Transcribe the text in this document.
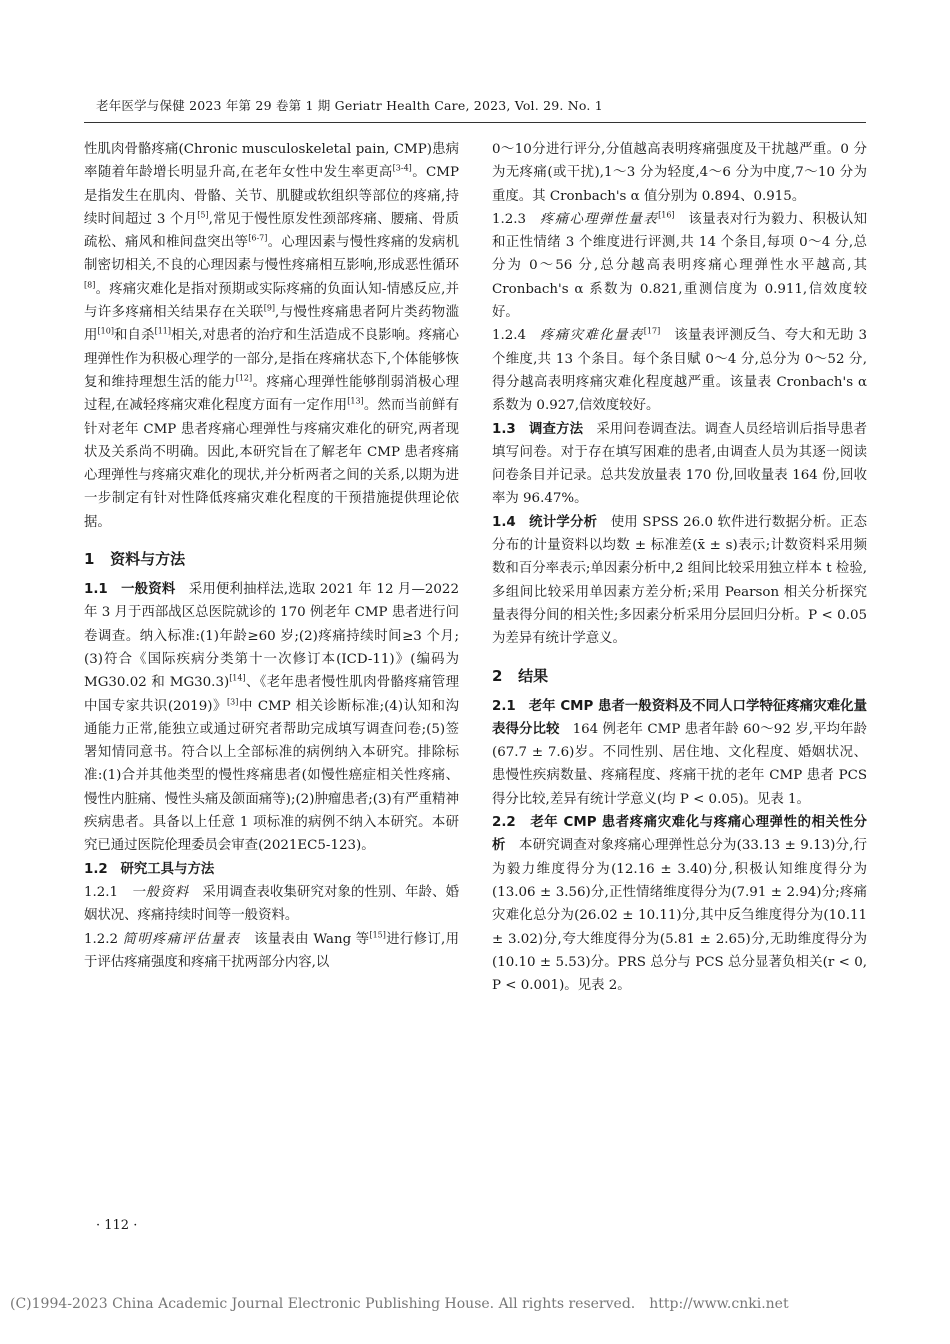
老年医学与保健 2023 年第 29 卷第 1 期 Geriatr Health Care, 2023, Vol. 29. No. 1

性肌肉骨骼疼痛(Chronic musculoskeletal pain, CMP)患病率随着年龄增长明显升高,在老年女性中发生率更高[3-4]。CMP 是指发生在肌肉、骨骼、关节、肌腱或软组织等部位的疼痛,持续时间超过 3 个月[5],常见于慢性原发性颈部疼痛、腰痛、骨质疏松、痛风和椎间盘突出等[6-7]。心理因素与慢性疼痛的发病机制密切相关,不良的心理因素与慢性疼痛相互影响,形成恶性循环[8]。疼痛灾难化是指对预期或实际疼痛的负面认知-情感反应,并与许多疼痛相关结果存在关联[9],与慢性疼痛患者阿片类药物滥用[10]和自杀[11]相关,对患者的治疗和生活造成不良影响。疼痛心理弹性作为积极心理学的一部分,是指在疼痛状态下,个体能够恢复和维持理想生活的能力[12]。疼痛心理弹性能够削弱消极心理过程,在减轻疼痛灾难化程度方面有一定作用[13]。然而当前鲜有针对老年 CMP 患者疼痛心理弹性与疼痛灾难化的研究,两者现状及关系尚不明确。因此,本研究旨在了解老年 CMP 患者疼痛心理弹性与疼痛灾难化的现状,并分析两者之间的关系,以期为进一步制定有针对性降低疼痛灾难化程度的干预措施提供理论依据。

1 资料与方法

1.1 一般资料 采用便利抽样法,选取 2021 年 12 月—2022 年 3 月于西部战区总医院就诊的 170 例老年 CMP 患者进行问卷调查。纳入标准:(1)年龄≥60 岁;(2)疼痛持续时间≥3 个月;(3)符合《国际疾病分类第十一次修订本(ICD-11)》(编码为 MG30.02 和 MG30.3)[14]、《老年患者慢性肌肉骨骼疼痛管理中国专家共识(2019)》[3]中 CMP 相关诊断标准;(4)认知和沟通能力正常,能独立或通过研究者帮助完成填写调查问卷;(5)签署知情同意书。符合以上全部标准的病例纳入本研究。排除标准:(1)合并其他类型的慢性疼痛患者(如慢性癌症相关性疼痛、慢性内脏痛、慢性头痛及颌面痛等);(2)肿瘤患者;(3)有严重精神疾病患者。具备以上任意 1 项标准的病例不纳入本研究。本研究已通过医院伦理委员会审查(2021EC5-123)。

1.2 研究工具与方法

1.2.1 一般资料 采用调查表收集研究对象的性别、年龄、婚姻状况、疼痛持续时间等一般资料。

1.2.2 简明疼痛评估量表 该量表由 Wang 等[15]进行修订,用于评估疼痛强度和疼痛干扰两部分内容,以

0～10分进行评分,分值越高表明疼痛强度及干扰越严重。0 分为无疼痛(或干扰),1～3 分为轻度,4～6 分为中度,7～10 分为重度。其 Cronbach's α 值分别为 0.894、0.915。

1.2.3 疼痛心理弹性量表[16] 该量表对行为毅力、积极认知和正性情绪 3 个维度进行评测,共 14 个条目,每项 0～4 分,总分为 0～56 分,总分越高表明疼痛心理弹性水平越高,其 Cronbach's α 系数为 0.821,重测信度为 0.911,信效度较好。

1.2.4 疼痛灾难化量表[17] 该量表评测反刍、夸大和无助 3 个维度,共 13 个条目。每个条目赋 0～4 分,总分为 0～52 分,得分越高表明疼痛灾难化程度越严重。该量表 Cronbach's α 系数为 0.927,信效度较好。

1.3 调查方法 采用问卷调查法。调查人员经培训后指导患者填写问卷。对于存在填写困难的患者,由调查人员为其逐一阅读问卷条目并记录。总共发放量表 170 份,回收量表 164 份,回收率为 96.47%。

1.4 统计学分析 使用 SPSS 26.0 软件进行数据分析。正态分布的计量资料以均数 ± 标准差(x̄ ± s)表示;计数资料采用频数和百分率表示;单因素分析中,2 组间比较采用独立样本 t 检验,多组间比较采用单因素方差分析;采用 Pearson 相关分析探究量表得分间的相关性;多因素分析采用分层回归分析。P < 0.05 为差异有统计学意义。

2 结果

2.1 老年 CMP 患者一般资料及不同人口学特征疼痛灾难化量表得分比较 164 例老年 CMP 患者年龄 60～92 岁,平均年龄(67.7 ± 7.6)岁。不同性别、居住地、文化程度、婚姻状况、患慢性疾病数量、疼痛程度、疼痛干扰的老年 CMP 患者 PCS 得分比较,差异有统计学意义(均 P < 0.05)。见表 1。

2.2 老年 CMP 患者疼痛灾难化与疼痛心理弹性的相关性分析 本研究调查对象疼痛心理弹性总分为(33.13 ± 9.13)分,行为毅力维度得分为(12.16 ± 3.40)分,积极认知维度得分为(13.06 ± 3.56)分,正性情绪维度得分为(7.91 ± 2.94)分;疼痛灾难化总分为(26.02 ± 10.11)分,其中反刍维度得分为(10.11 ± 3.02)分,夸大维度得分为(5.81 ± 2.65)分,无助维度得分为(10.10 ± 5.53)分。PRS 总分与 PCS 总分显著负相关(r < 0, P < 0.001)。见表 2。

· 112 ·
(C)1994-2023 China Academic Journal Electronic Publishing House. All rights reserved. http://www.cnki.net
